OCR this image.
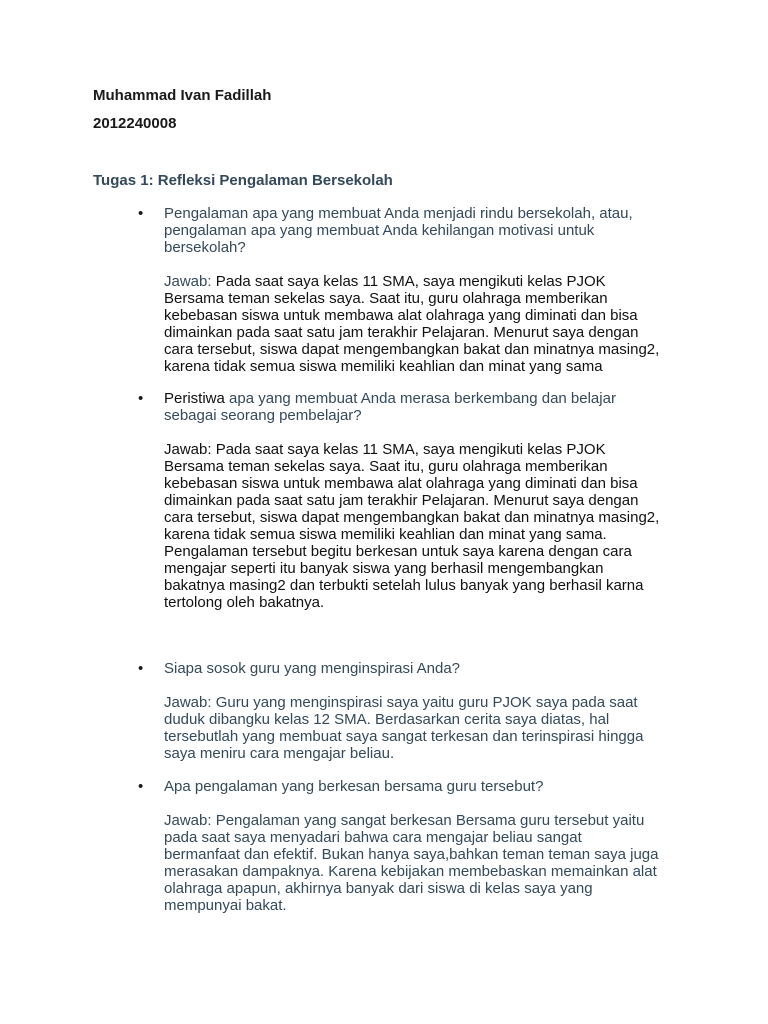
Muhammad Ivan Fadillah
2012240008
Tugas 1: Refleksi Pengalaman Bersekolah
• Pengalaman apa yang membuat Anda menjadi rindu bersekolah, atau,
pengalaman apa yang membuat Anda kehilangan motivasi untuk
bersekolah?
Jawab: Pada saat saya kelas 11 SMA, saya mengikuti kelas PJOK
Bersama teman sekelas saya. Saat itu, guru olahraga memberikan
kebebasan siswa untuk membawa alat olahraga yang diminati dan bisa
dimainkan pada saat satu jam terakhir Pelajaran. Menurut saya dengan
cara tersebut, siswa dapat mengembangkan bakat dan minatnya masing2,
karena tidak semua siswa memiliki keahlian dan minat yang sama
• Peristiwa apa yang membuat Anda merasa berkembang dan belajar
sebagai seorang pembelajar?
Jawab: Pada saat saya kelas 11 SMA, saya mengikuti kelas PJOK
Bersama teman sekelas saya. Saat itu, guru olahraga memberikan
kebebasan siswa untuk membawa alat olahraga yang diminati dan bisa
dimainkan pada saat satu jam terakhir Pelajaran. Menurut saya dengan
cara tersebut, siswa dapat mengembangkan bakat dan minatnya masing2,
karena tidak semua siswa memiliki keahlian dan minat yang sama.
Pengalaman tersebut begitu berkesan untuk saya karena dengan cara
mengajar seperti itu banyak siswa yang berhasil mengembangkan
bakatnya masing2 dan terbukti setelah lulus banyak yang berhasil karna
tertolong oleh bakatnya.
• Siapa sosok guru yang menginspirasi Anda?
Jawab: Guru yang menginspirasi saya yaitu guru PJOK saya pada saat
duduk dibangku kelas 12 SMA. Berdasarkan cerita saya diatas, hal
tersebutlah yang membuat saya sangat terkesan dan terinspirasi hingga
saya meniru cara mengajar beliau.
• Apa pengalaman yang berkesan bersama guru tersebut?
Jawab: Pengalaman yang sangat berkesan Bersama guru tersebut yaitu
pada saat saya menyadari bahwa cara mengajar beliau sangat
bermanfaat dan efektif. Bukan hanya saya,bahkan teman teman saya juga
merasakan dampaknya. Karena kebijakan membebaskan memainkan alat
olahraga apapun, akhirnya banyak dari siswa di kelas saya yang
mempunyai bakat.
